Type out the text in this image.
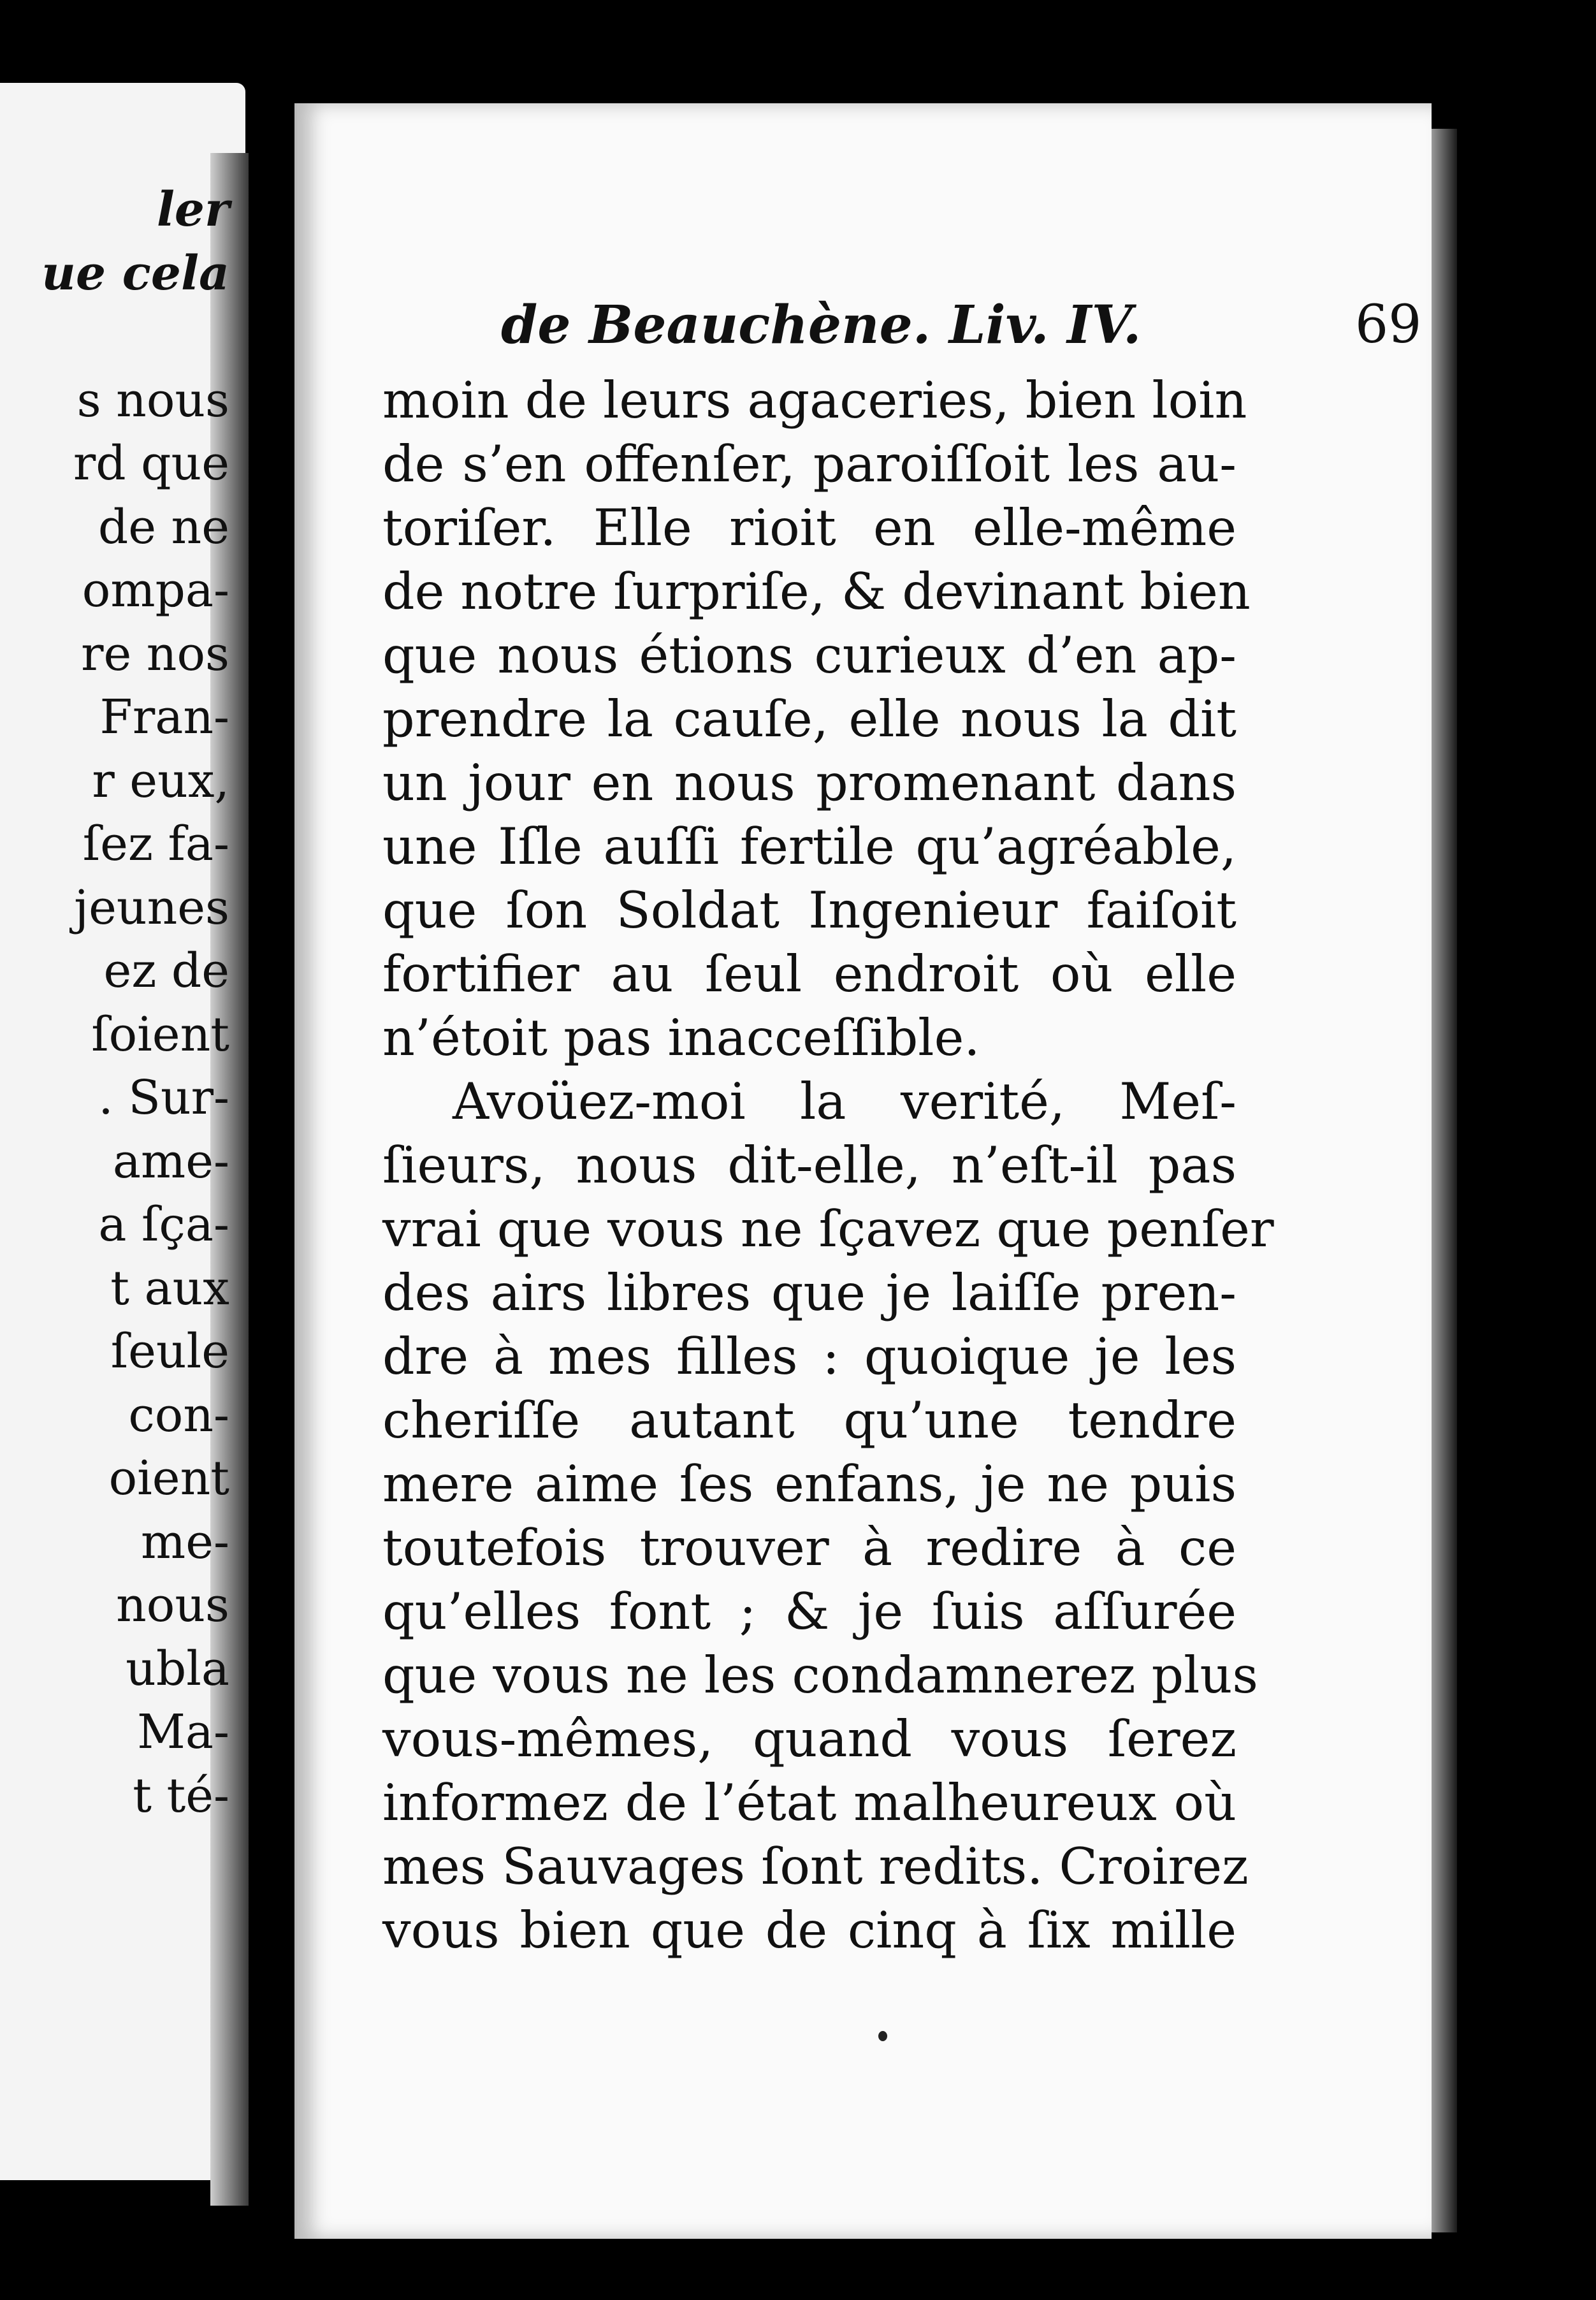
ler
ue cela
s nous
rd que
de ne
ompa-
re nos
Fran-
r eux,
ſez fa-
jeunes
ez de
ſoient
. Sur-
ame-
a ſça-
t aux
ſeule
con-
oient
me-
nous
ubla
Ma-
t té-
de Beauchène. Liv. IV.	69
moin de leurs agaceries, bien loin
de s’en offenſer, paroiſſoit les au-
toriſer. Elle rioit en elle-même
de notre ſurpriſe, & devinant bien
que nous étions curieux d’en ap-
prendre la cauſe, elle nous la dit
un jour en nous promenant dans
une Iſle auſſi fertile qu’agréable,
que ſon Soldat Ingenieur faiſoit
fortifier au ſeul endroit où elle
n’étoit pas inacceſſible.
Avoüez-moi la verité, Meſ-
ſieurs, nous dit-elle, n’eſt-il pas
vrai que vous ne ſçavez que penſer
des airs libres que je laiſſe pren-
dre à mes filles : quoique je les
cheriſſe autant qu’une tendre
mere aime ſes enfans, je ne puis
toutefois trouver à redire à ce
qu’elles font ; & je ſuis aſſurée
que vous ne les condamnerez plus
vous-mêmes, quand vous ſerez
informez de l’état malheureux où
mes Sauvages ſont redits. Croirez
vous bien que de cinq à ſix mille
